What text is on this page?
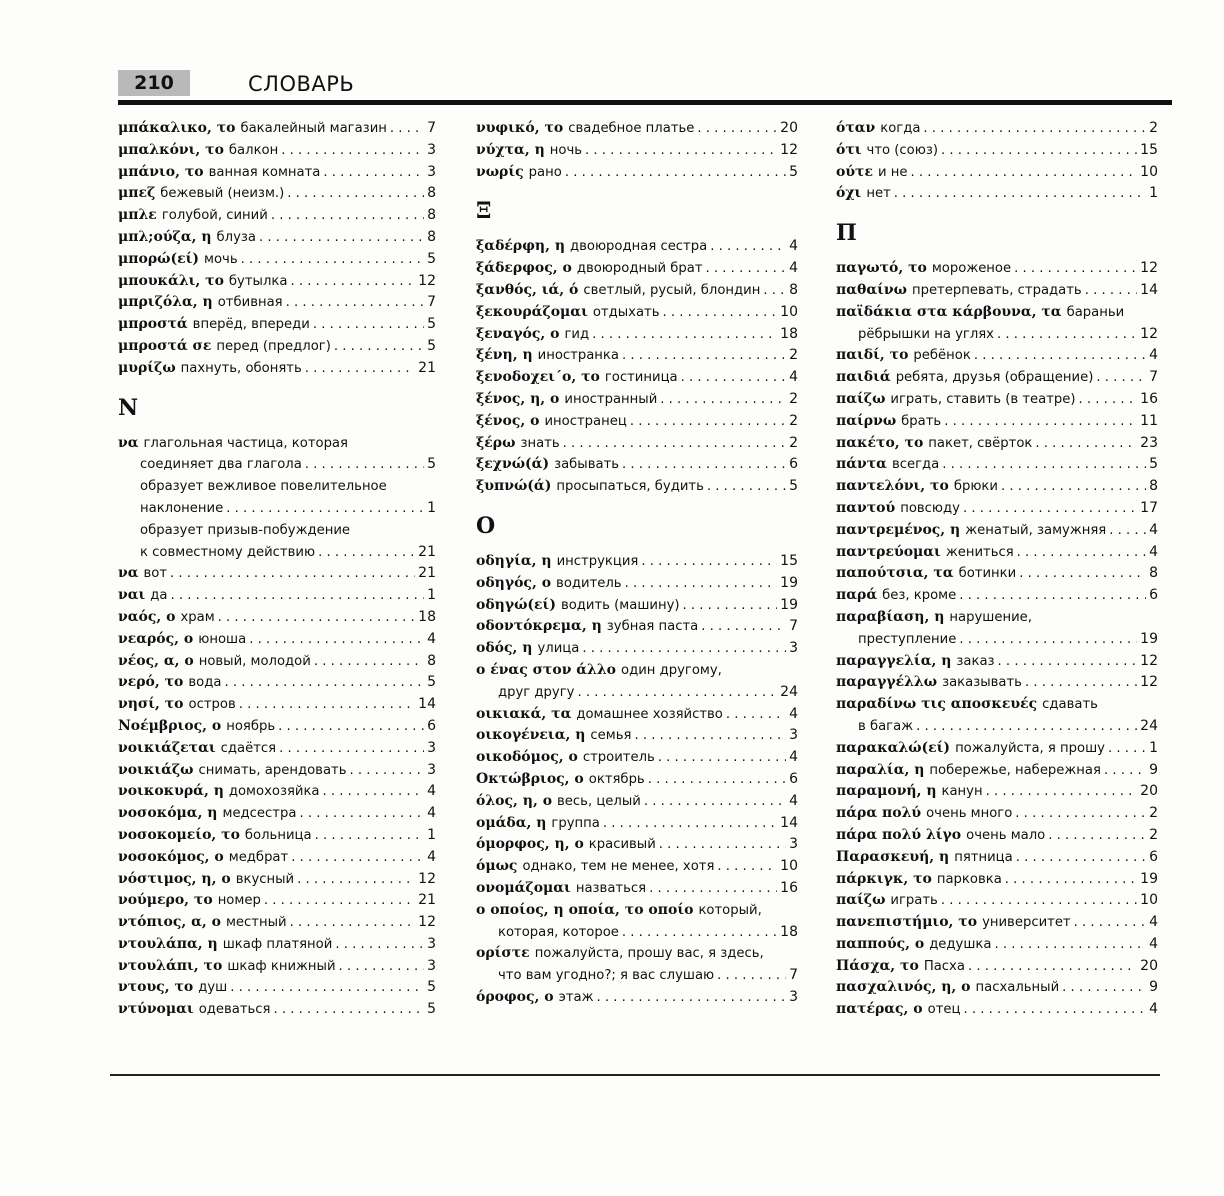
210	СЛОВАРЬ
μπάκαλικο, το бакалейный магазин . . .	7
μπαλκόνι, το балкон . . .	3
μπάνιο, το ванная комната . . .	3
μπεζ бежевый (неизм.) . . .	8
μπλε голубой, синий . . .	8
μπλ;ούζα, η блуза . . .	8
μπορώ(εί) мочь . . .	5
μπουκάλι, το бутылка . . .	12
μπριζόλα, η отбивная . . .	7
μπροστά вперёд, впереди . . .	5
μπροστά σε перед (предлог) . . .	5
μυρίζω пахнуть, обонять . . .	21
N
να глагольная частица, которая
соединяет два глагола . . .	5
образует вежливое повелительное
наклонение . . .	1
образует призыв-побуждение
к совместному действию . . .	21
να вот . . .	21
ναι да . . .	1
ναός, ο храм . . .	18
νεαρός, ο юноша . . .	4
νέος, α, ο новый, молодой . . .	8
νερό, το вода . . .	5
νησί, το остров . . .	14
Νοέμβριος, ο ноябрь . . .	6
νοικιάζεται сдаётся . . .	3
νοικιάζω снимать, арендовать . . .	3
νοικοκυρά, η домохозяйка . . .	4
νοσοκόμα, η медсестра . . .	4
νοσοκομείο, το больница . . .	1
νοσοκόμος, ο медбрат . . .	4
νόστιμος, η, ο вкусный . . .	12
νούμερο, το номер . . .	21
ντόπιος, α, ο местный . . .	12
ντουλάπα, η шкаф платяной . . .	3
ντουλάπι, το шкаф книжный . . .	3
ντους, το душ . . .	5
ντύνομαι одеваться . . .	5
νυφικό, το свадебное платье . . .	20
νύχτα, η ночь . . .	12
νωρίς рано . . .	5
Ξ
ξαδέρφη, η двоюродная сестра . . .	4
ξάδερφος, ο двоюродный брат . . .	4
ξανθός, ιά, ό светлый, русый, блондин . . . 8
ξεκουράζομαι отдыхать . . .	10
ξεναγός, ο гид . . .	18
ξένη, η иностранка . . .	2
ξενοδοχει΄ο, το гостиница . . .	4
ξένος, η, ο иностранный . . .	2
ξένος, ο иностранец . . .	2
ξέρω знать . . .	2
ξεχνώ(ά) забывать . . .	6
ξυπνώ(ά) просыпаться, будить . . .	5
O
οδηγία, η инструкция . . .	15
οδηγός, ο водитель . . .	19
οδηγώ(εί) водить (машину) . . .	19
οδοντόκρεμα, η зубная паста . . .	7
οδός, η улица . . .	3
ο ένας στον άλλο один другому,
друг другу . . .	24
οικιακά, τα домашнее хозяйство . . .	4
οικογένεια, η семья . . .	3
οικοδόμος, ο строитель . . .	4
Οκτώβριος, ο октябрь . . .	6
όλος, η, ο весь, целый . . .	4
ομάδα, η группа . . .	14
όμορφος, η, ο красивый . . .	3
όμως однако, тем не менее, хотя . . .	10
ονομάζομαι назваться . . .	16
ο οποίος, η οποία, το οποίο который,
которая, которое . . .	18
ορίστε пожалуйста, прошу вас, я здесь,
что вам угодно?; я вас слушаю . . .	7
όροφος, ο этаж . . .	3
όταν когда . . .	2
ότι что (союз) . . .	15
ούτε и не . . .	10
όχι нет . . .	1
Π
παγωτό, το мороженое . . .	12
παθαίνω претерпевать, страдать . . .	14
παϊδάκια στα κάρβουνα, τα бараньи
рёбрышки на углях . . .	12
παιδί, το ребёнок . . .	4
παιδιά ребята, друзья (обращение) . . .	7
παίζω играть, ставить (в театре) . . .	16
παίρνω брать . . .	11
πακέτο, το пакет, свёрток . . .	23
πάντα всегда . . .	5
παντελόνι, το брюки . . .	8
παντού повсюду . . .	17
παντρεμένος, η женатый, замужняя . . .	4
παντρεύομαι жениться . . .	4
παπούτσια, τα ботинки . . .	8
παρά без, кроме . . .	6
παραβίαση, η нарушение,
преступление . . .	19
παραγγελία, η заказ . . .	12
παραγγέλλω заказывать . . .	12
παραδίνω τις αποσκευές сдавать
в багаж . . .	24
παρακαλώ(εί) пожалуйста, я прошу . . .	1
παραλία, η побережье, набережная . . .	9
παραμονή, η канун . . .	20
πάρα πολύ очень много . . .	2
πάρα πολύ λίγο очень мало . . .	2
Παρασκευή, η пятница . . .	6
πάρκιγκ, το парковка . . .	19
παίζω играть . . .	10
πανεπιστήμιο, το университет . . .	4
παππούς, ο дедушка . . .	4
Πάσχα, το Пасха . . .	20
πασχαλινός, η, ο пасхальный . . .	9
πατέρας, ο отец . . .	4
